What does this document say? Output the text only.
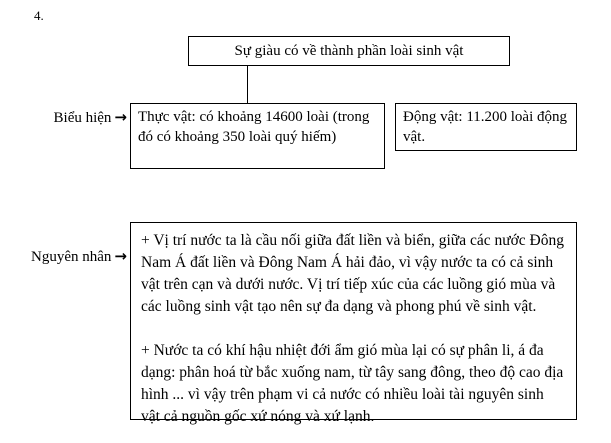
4.
Sự giàu có về thành phần loài sinh vật
Biểu hiện → Thực vật: có khoảng 14600 loài (trong đó có khoảng 350 loài quý hiếm)
Động vật: 11.200 loài động vật.
Nguyên nhân →

+ Vị trí nước ta là cầu nối giữa đất liền và biển, giữa các nước Đông Nam Á đất liền và Đông Nam Á hải đảo, vì vậy nước ta có cả sinh vật trên cạn và dưới nước. Vị trí tiếp xúc của các luồng gió mùa và các luồng sinh vật tạo nên sự đa dạng và phong phú về sinh vật.

+ Nước ta có khí hậu nhiệt đới ẩm gió mùa lại có sự phân li, á đa dạng: phân hoá từ bắc xuống nam, từ tây sang đông, theo độ cao địa hình ... vì vậy trên phạm vi cả nước có nhiều loài tài nguyên sinh vật cả nguồn gốc xứ nóng và xứ lạnh.
